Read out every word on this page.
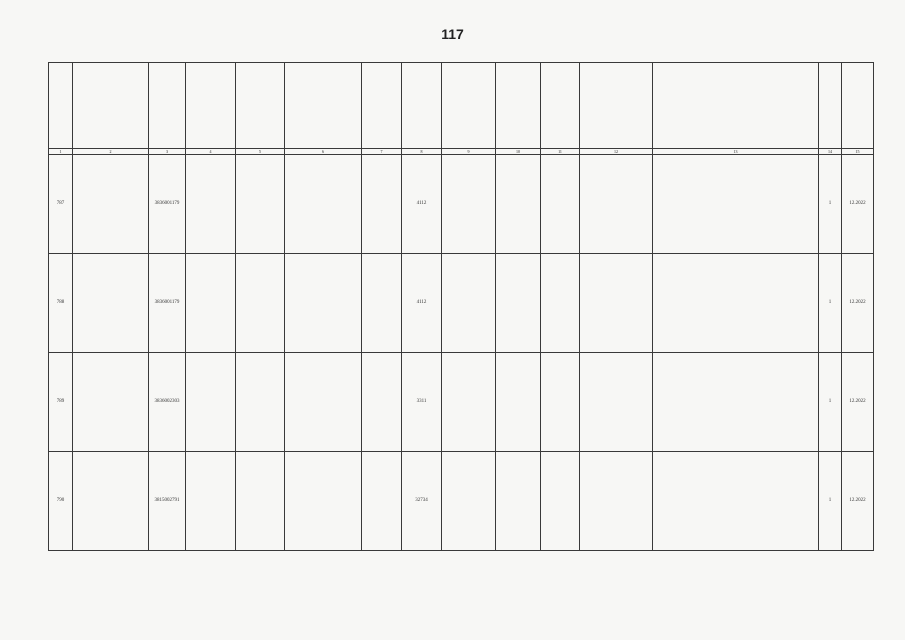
117

1	2	3	4	5	6	7	8	9	10	11	12	13	14	15
787		3836001179					4112						1	12.2022
788		3836001179					4112						1	12.2022
789		3836002303					3311						1	12.2022
790		3815002791					32734						1	12.2022
